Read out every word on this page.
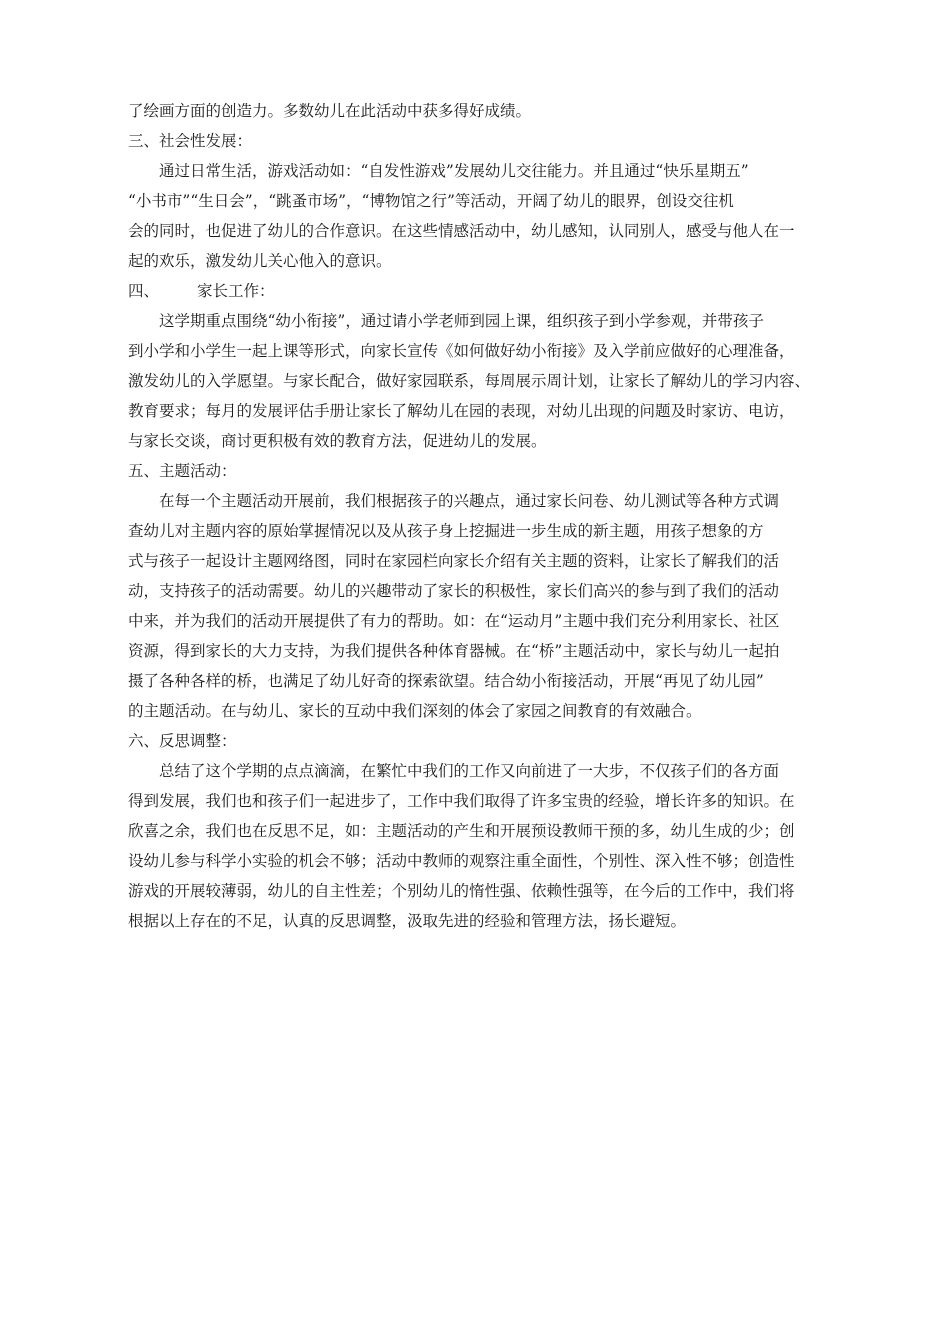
了绘画方面的创造力。多数幼儿在此活动中获多得好成绩。

三、社会性发展：

通过日常生活，游戏活动如：“自发性游戏”发展幼儿交往能力。并且通过“快乐星期五”

“小书市”“生日会”，“跳蚤市场”，“博物馆之行”等活动，开阔了幼儿的眼界，创设交往机

会的同时，也促进了幼儿的合作意识。在这些情感活动中，幼儿感知，认同别人，感受与他人在一

起的欢乐，激发幼儿关心他入的意识。

四、 家长工作：

这学期重点围绕“幼小衔接”，通过请小学老师到园上课，组织孩子到小学参观，并带孩子

到小学和小学生一起上课等形式，向家长宣传《如何做好幼小衔接》及入学前应做好的心理准备，

激发幼儿的入学愿望。与家长配合，做好家园联系，每周展示周计划，让家长了解幼儿的学习内容、

教育要求；每月的发展评估手册让家长了解幼儿在园的表现，对幼儿出现的问题及时家访、电访，

与家长交谈，商讨更积极有效的教育方法，促进幼儿的发展。

五、主题活动：

在每一个主题活动开展前，我们根据孩子的兴趣点，通过家长问卷、幼儿测试等各种方式调

查幼儿对主题内容的原始掌握情况以及从孩子身上挖掘进一步生成的新主题，用孩子想象的方

式与孩子一起设计主题网络图，同时在家园栏向家长介绍有关主题的资料，让家长了解我们的活

动，支持孩子的活动需要。幼儿的兴趣带动了家长的积极性，家长们高兴的参与到了我们的活动

中来，并为我们的活动开展提供了有力的帮助。如：在“运动月”主题中我们充分利用家长、社区

资源，得到家长的大力支持，为我们提供各种体育器械。在“桥”主题活动中，家长与幼儿一起拍

摄了各种各样的桥，也满足了幼儿好奇的探索欲望。结合幼小衔接活动，开展“再见了幼儿园”

的主题活动。在与幼儿、家长的互动中我们深刻的体会了家园之间教育的有效融合。

六、反思调整：

总结了这个学期的点点滴滴，在繁忙中我们的工作又向前进了一大步，不仅孩子们的各方面

得到发展，我们也和孩子们一起进步了，工作中我们取得了许多宝贵的经验，增长许多的知识。在

欣喜之余，我们也在反思不足，如：主题活动的产生和开展预设教师干预的多，幼儿生成的少；创

设幼儿参与科学小实验的机会不够；活动中教师的观察注重全面性，个别性、深入性不够；创造性

游戏的开展较薄弱，幼儿的自主性差；个别幼儿的惰性强、依赖性强等，在今后的工作中，我们将

根据以上存在的不足，认真的反思调整，汲取先进的经验和管理方法，扬长避短。
